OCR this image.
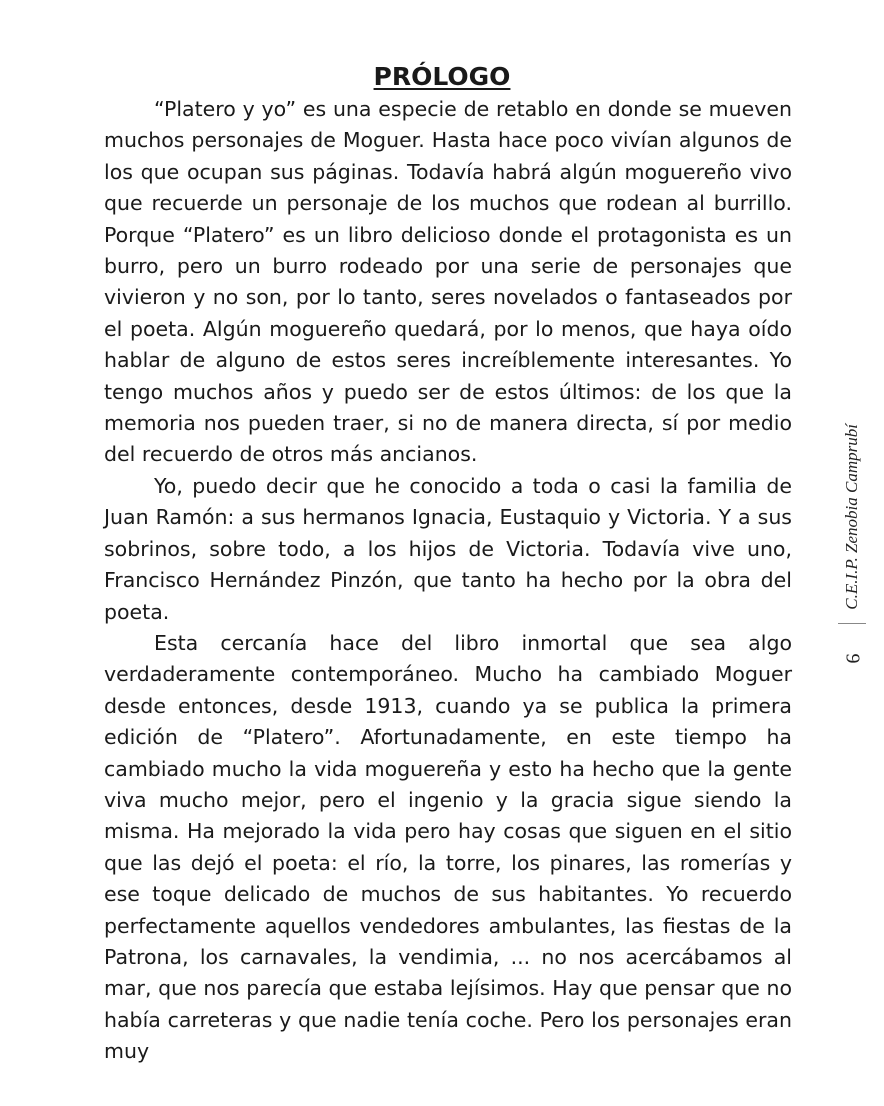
PRÓLOGO

“Platero y yo” es una especie de retablo en donde se mueven muchos personajes de Moguer. Hasta hace poco vivían algunos de los que ocupan sus páginas. Todavía habrá algún moguereño vivo que recuerde un personaje de los muchos que rodean al burrillo. Porque “Platero” es un libro delicioso donde el protagonista es un burro, pero un burro rodeado por una serie de personajes que vivieron y no son, por lo tanto, seres novelados o fantaseados por el poeta. Algún moguereño quedará, por lo menos, que haya oído hablar de alguno de estos seres increíblemente interesantes. Yo tengo muchos años y puedo ser de estos últimos: de los que la memoria nos pueden traer, si no de manera directa, sí por medio del recuerdo de otros más ancianos.

Yo, puedo decir que he conocido a toda o casi la familia de Juan Ramón: a sus hermanos Ignacia, Eustaquio y Victoria. Y a sus sobrinos, sobre todo, a los hijos de Victoria. Todavía vive uno, Francisco Hernández Pinzón, que tanto ha hecho por la obra del poeta.

Esta cercanía hace del libro inmortal que sea algo verdaderamente contemporáneo. Mucho ha cambiado Moguer desde entonces, desde 1913, cuando ya se publica la primera edición de “Platero”. Afortunadamente, en este tiempo ha cambiado mucho la vida moguereña y esto ha hecho que la gente viva mucho mejor, pero el ingenio y la gracia sigue siendo la misma. Ha mejorado la vida pero hay cosas que siguen en el sitio que las dejó el poeta: el río, la torre, los pinares, las romerías y ese toque delicado de muchos de sus habitantes. Yo recuerdo perfectamente aquellos vendedores ambulantes, las fiestas de la Patrona, los carnavales, la vendimia, ... no nos acercábamos al mar, que nos parecía que estaba lejísimos. Hay que pensar que no había carreteras y que nadie tenía coche. Pero los personajes eran muy

C.E.I.P. Zenobia Camprubí
9
